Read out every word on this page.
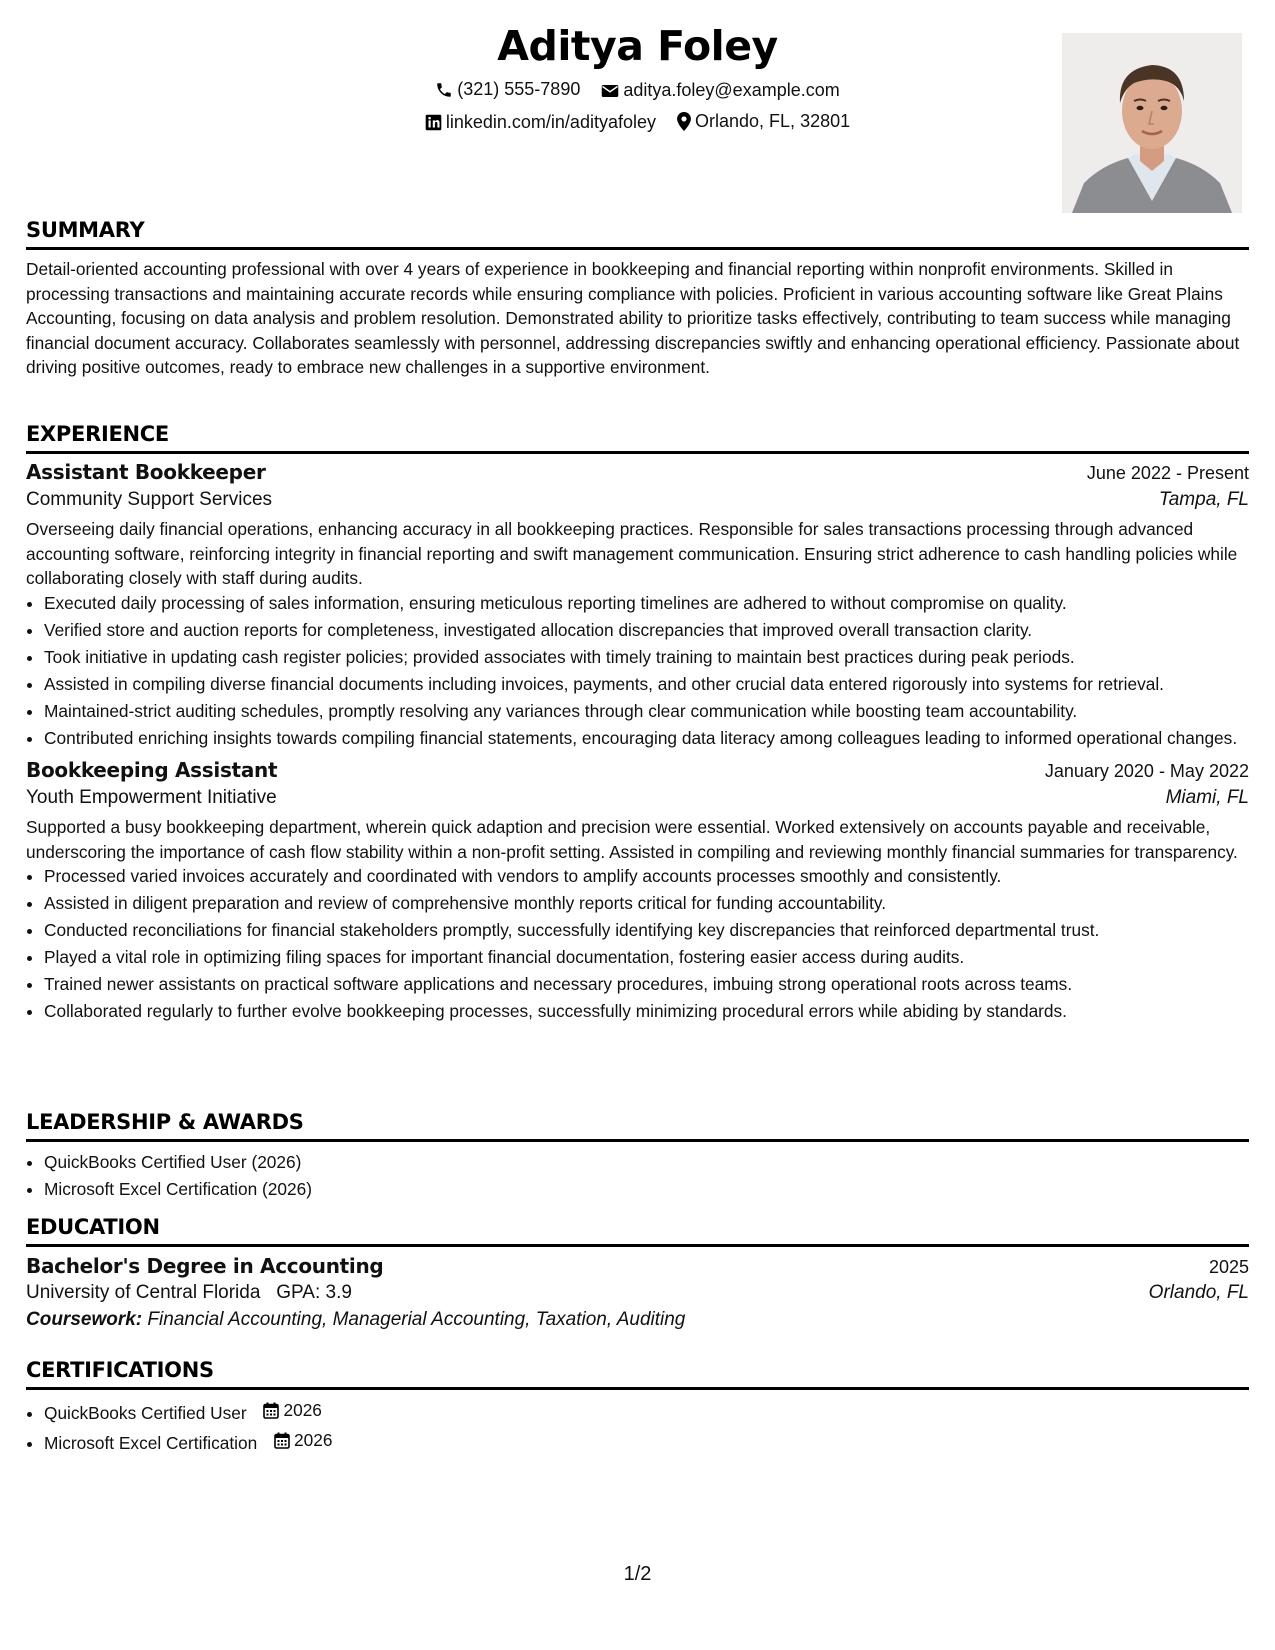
Aditya Foley
(321) 555-7890
aditya.foley@example.com
linkedin.com/in/adityafoley
Orlando, FL, 32801
SUMMARY

Detail-oriented accounting professional with over 4 years of experience in bookkeeping and financial reporting within nonprofit environments. Skilled in processing transactions and maintaining accurate records while ensuring compliance with policies. Proficient in various accounting software like Great Plains Accounting, focusing on data analysis and problem resolution. Demonstrated ability to prioritize tasks effectively, contributing to team success while managing financial document accuracy. Collaborates seamlessly with personnel, addressing discrepancies swiftly and enhancing operational efficiency. Passionate about driving positive outcomes, ready to embrace new challenges in a supportive environment.

EXPERIENCE
Assistant Bookkeeper	June 2022 - Present
Community Support Services	Tampa, FL

Overseeing daily financial operations, enhancing accuracy in all bookkeeping practices. Responsible for sales transactions processing through advanced accounting software, reinforcing integrity in financial reporting and swift management communication. Ensuring strict adherence to cash handling policies while collaborating closely with staff during audits.

• Executed daily processing of sales information, ensuring meticulous reporting timelines are adhered to without compromise on quality.
• Verified store and auction reports for completeness, investigated allocation discrepancies that improved overall transaction clarity.
• Took initiative in updating cash register policies; provided associates with timely training to maintain best practices during peak periods.
• Assisted in compiling diverse financial documents including invoices, payments, and other crucial data entered rigorously into systems for retrieval.
• Maintained-strict auditing schedules, promptly resolving any variances through clear communication while boosting team accountability.
• Contributed enriching insights towards compiling financial statements, encouraging data literacy among colleagues leading to informed operational changes.
Bookkeeping Assistant	January 2020 - May 2022
Youth Empowerment Initiative	Miami, FL

Supported a busy bookkeeping department, wherein quick adaption and precision were essential. Worked extensively on accounts payable and receivable, underscoring the importance of cash flow stability within a non-profit setting. Assisted in compiling and reviewing monthly financial summaries for transparency.

• Processed varied invoices accurately and coordinated with vendors to amplify accounts processes smoothly and consistently.
• Assisted in diligent preparation and review of comprehensive monthly reports critical for funding accountability.
• Conducted reconciliations for financial stakeholders promptly, successfully identifying key discrepancies that reinforced departmental trust.
• Played a vital role in optimizing filing spaces for important financial documentation, fostering easier access during audits.
• Trained newer assistants on practical software applications and necessary procedures, imbuing strong operational roots across teams.
• Collaborated regularly to further evolve bookkeeping processes, successfully minimizing procedural errors while abiding by standards.
LEADERSHIP & AWARDS
• QuickBooks Certified User (2026)
• Microsoft Excel Certification (2026)
EDUCATION
Bachelor's Degree in Accounting	2025
University of Central Florida GPA: 3.9	Orlando, FL
Coursework: Financial Accounting, Managerial Accounting, Taxation, Auditing
CERTIFICATIONS
• QuickBooks Certified User 2026
• Microsoft Excel Certification 2026
1/2
